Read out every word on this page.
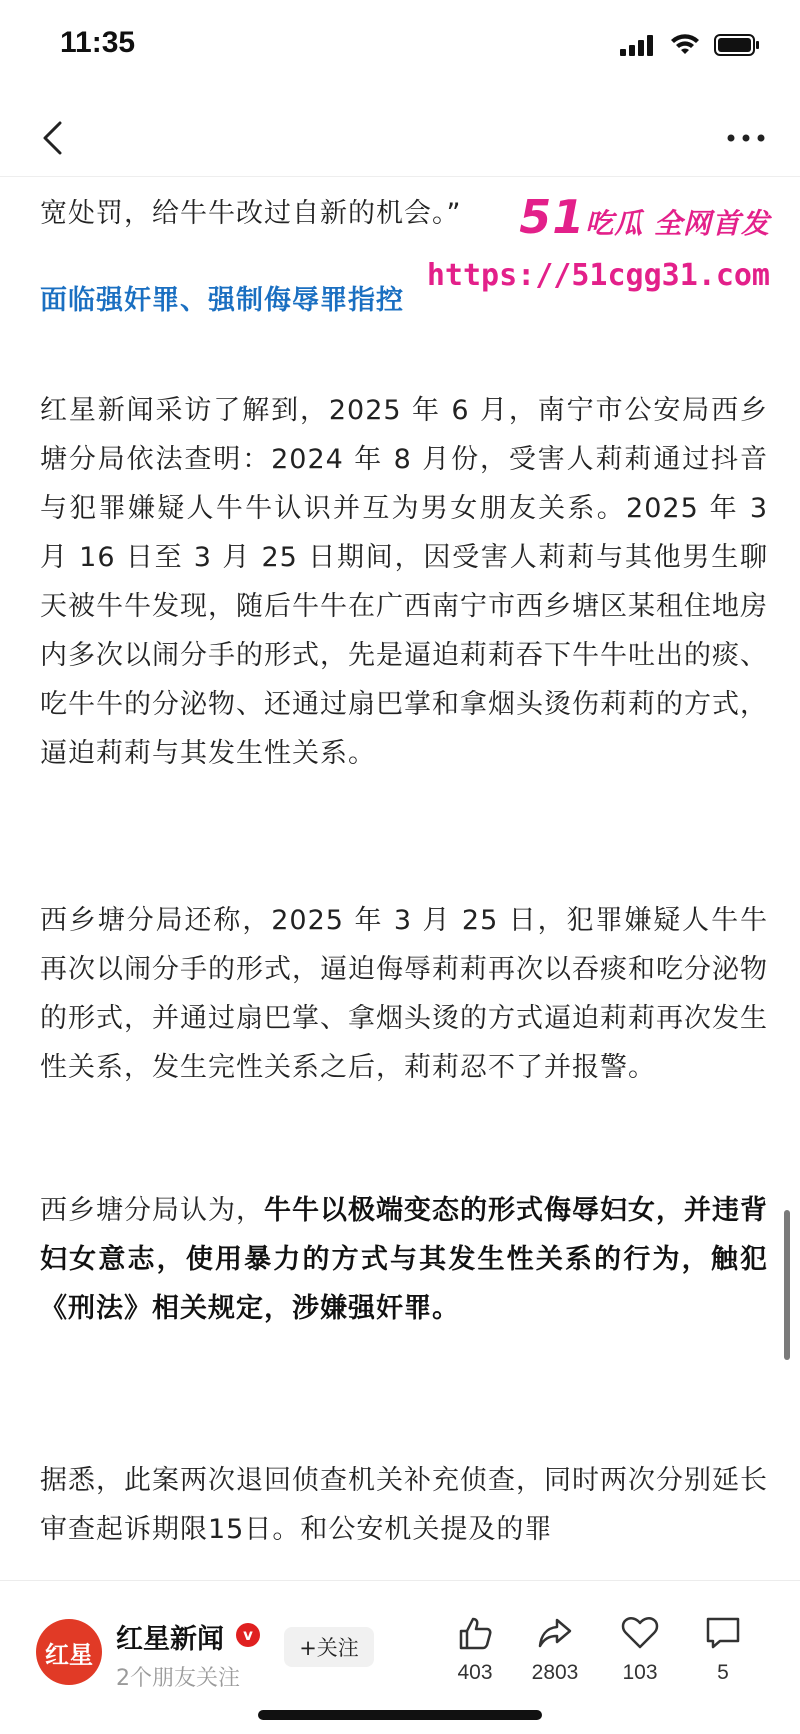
11:35

宽处罚，给牛牛改过自新的机会。”

面临强奸罪、强制侮辱罪指控

红星新闻采访了解到，2025 年 6 月，南宁市公安局西乡塘分局依法查明：2024 年 8 月份，受害人莉莉通过抖音与犯罪嫌疑人牛牛认识并互为男女朋友关系。2025 年 3 月 16 日至 3 月 25 日期间，因受害人莉莉与其他男生聊天被牛牛发现，随后牛牛在广西南宁市西乡塘区某租住地房内多次以闹分手的形式，先是逼迫莉莉吞下牛牛吐出的痰、吃牛牛的分泌物、还通过扇巴掌和拿烟头烫伤莉莉的方式，逼迫莉莉与其发生性关系。

西乡塘分局还称，2025 年 3 月 25 日，犯罪嫌疑人牛牛再次以闹分手的形式，逼迫侮辱莉莉再次以吞痰和吃分泌物的形式，并通过扇巴掌、拿烟头烫的方式逼迫莉莉再次发生性关系，发生完性关系之后，莉莉忍不了并报警。

西乡塘分局认为，牛牛以极端变态的形式侮辱妇女，并违背妇女意志，使用暴力的方式与其发生性关系的行为，触犯《刑法》相关规定，涉嫌强奸罪。

据悉，此案两次退回侦查机关补充侦查，同时两次分别延长审查起诉期限15日。和公安机关提及的罪

51吃瓜 全网首发
https://51cgg31.com
红星 红星新闻	v
2个朋友关注
+关注
403 2803 103	5
